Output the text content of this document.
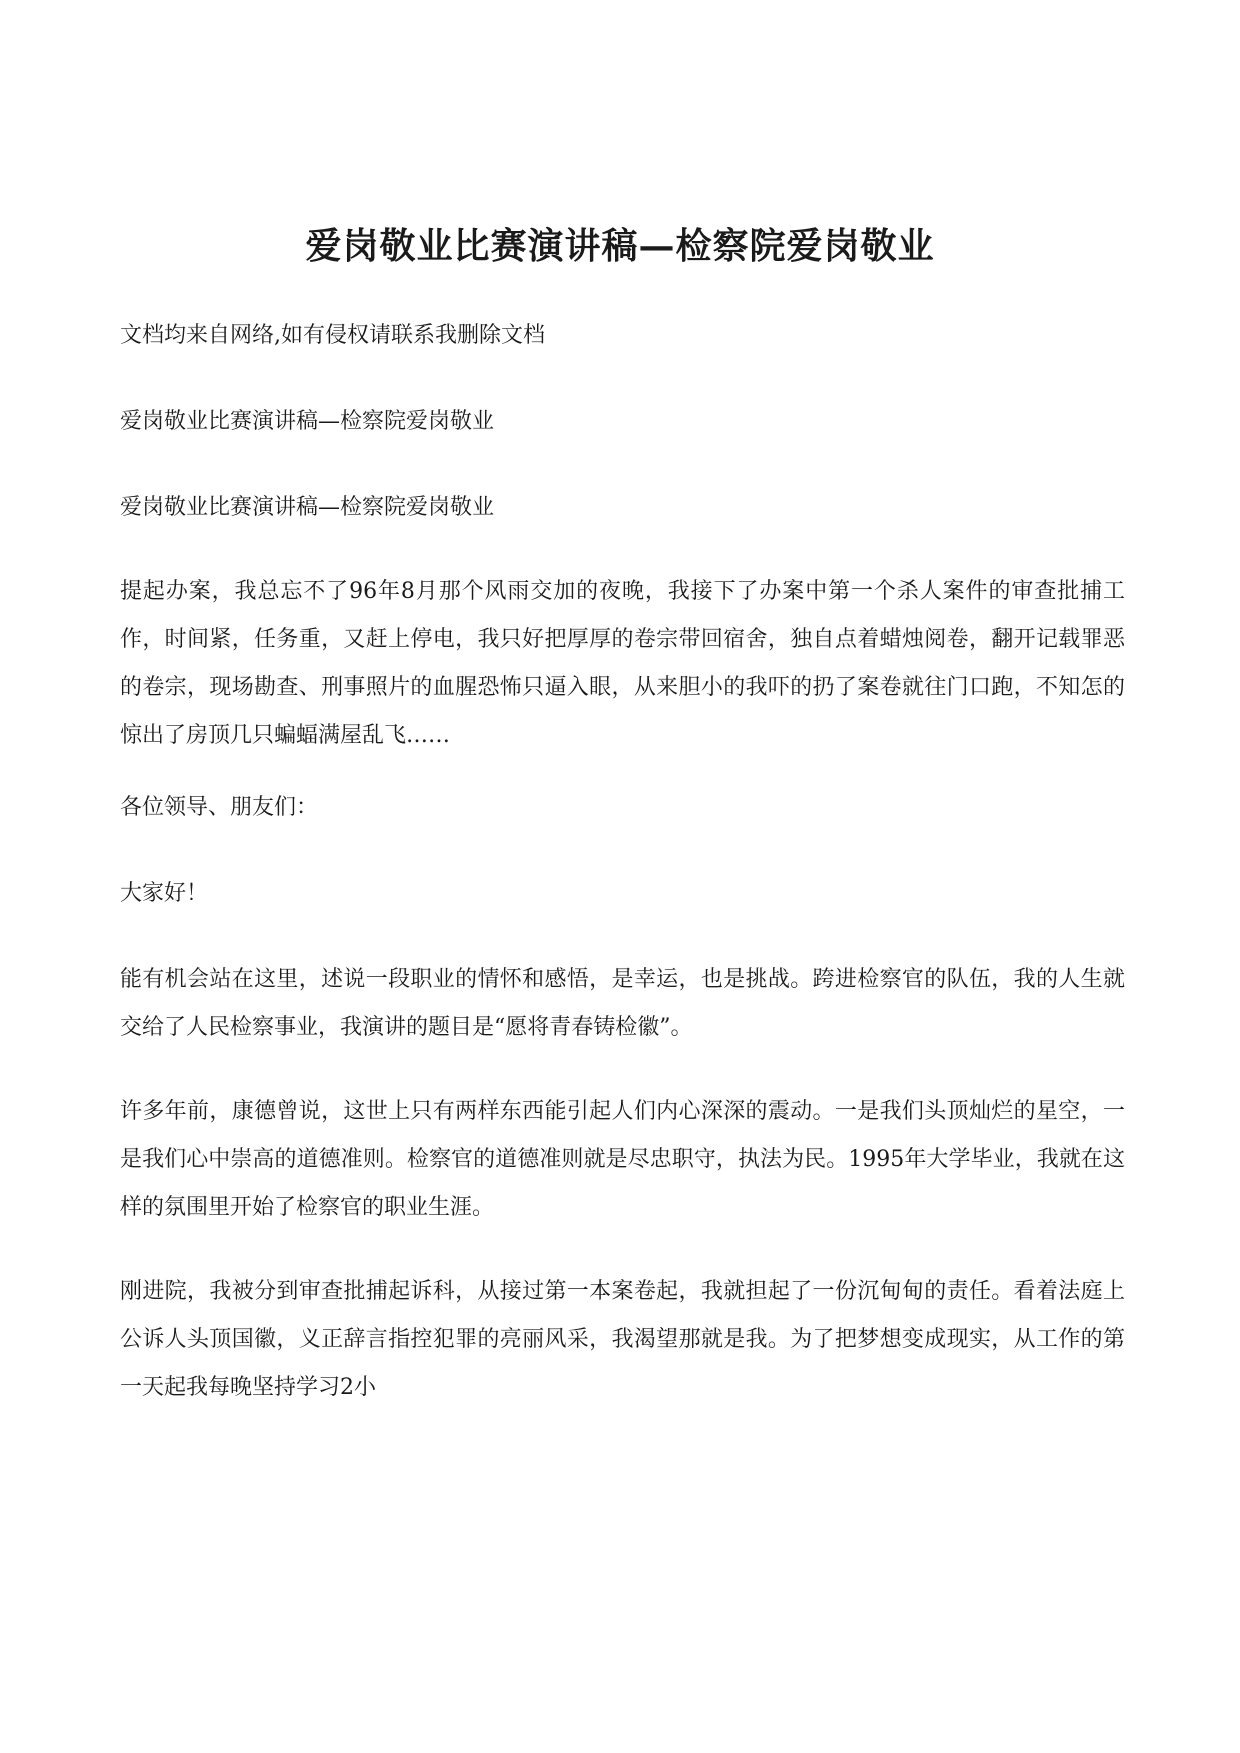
爱岗敬业比赛演讲稿—检察院爱岗敬业

文档均来自网络,如有侵权请联系我删除文档

爱岗敬业比赛演讲稿—检察院爱岗敬业

爱岗敬业比赛演讲稿—检察院爱岗敬业

提起办案，我总忘不了96年8月那个风雨交加的夜晚，我接下了办案中第一个杀人案件的审查批捕工作，时间紧，任务重，又赶上停电，我只好把厚厚的卷宗带回宿舍，独自点着蜡烛阅卷，翻开记载罪恶的卷宗，现场勘查、刑事照片的血腥恐怖只逼入眼，从来胆小的我吓的扔了案卷就往门口跑，不知怎的惊出了房顶几只蝙蝠满屋乱飞……

各位领导、朋友们：

大家好！

能有机会站在这里，述说一段职业的情怀和感悟，是幸运，也是挑战。跨进检察官的队伍，我的人生就交给了人民检察事业，我演讲的题目是“愿将青春铸检徽”。

许多年前，康德曾说，这世上只有两样东西能引起人们内心深深的震动。一是我们头顶灿烂的星空，一是我们心中崇高的道德准则。检察官的道德准则就是尽忠职守，执法为民。1995年大学毕业，我就在这样的氛围里开始了检察官的职业生涯。

刚进院，我被分到审查批捕起诉科，从接过第一本案卷起，我就担起了一份沉甸甸的责任。看着法庭上公诉人头顶国徽，义正辞言指控犯罪的亮丽风采，我渴望那就是我。为了把梦想变成现实，从工作的第一天起我每晚坚持学习2小
